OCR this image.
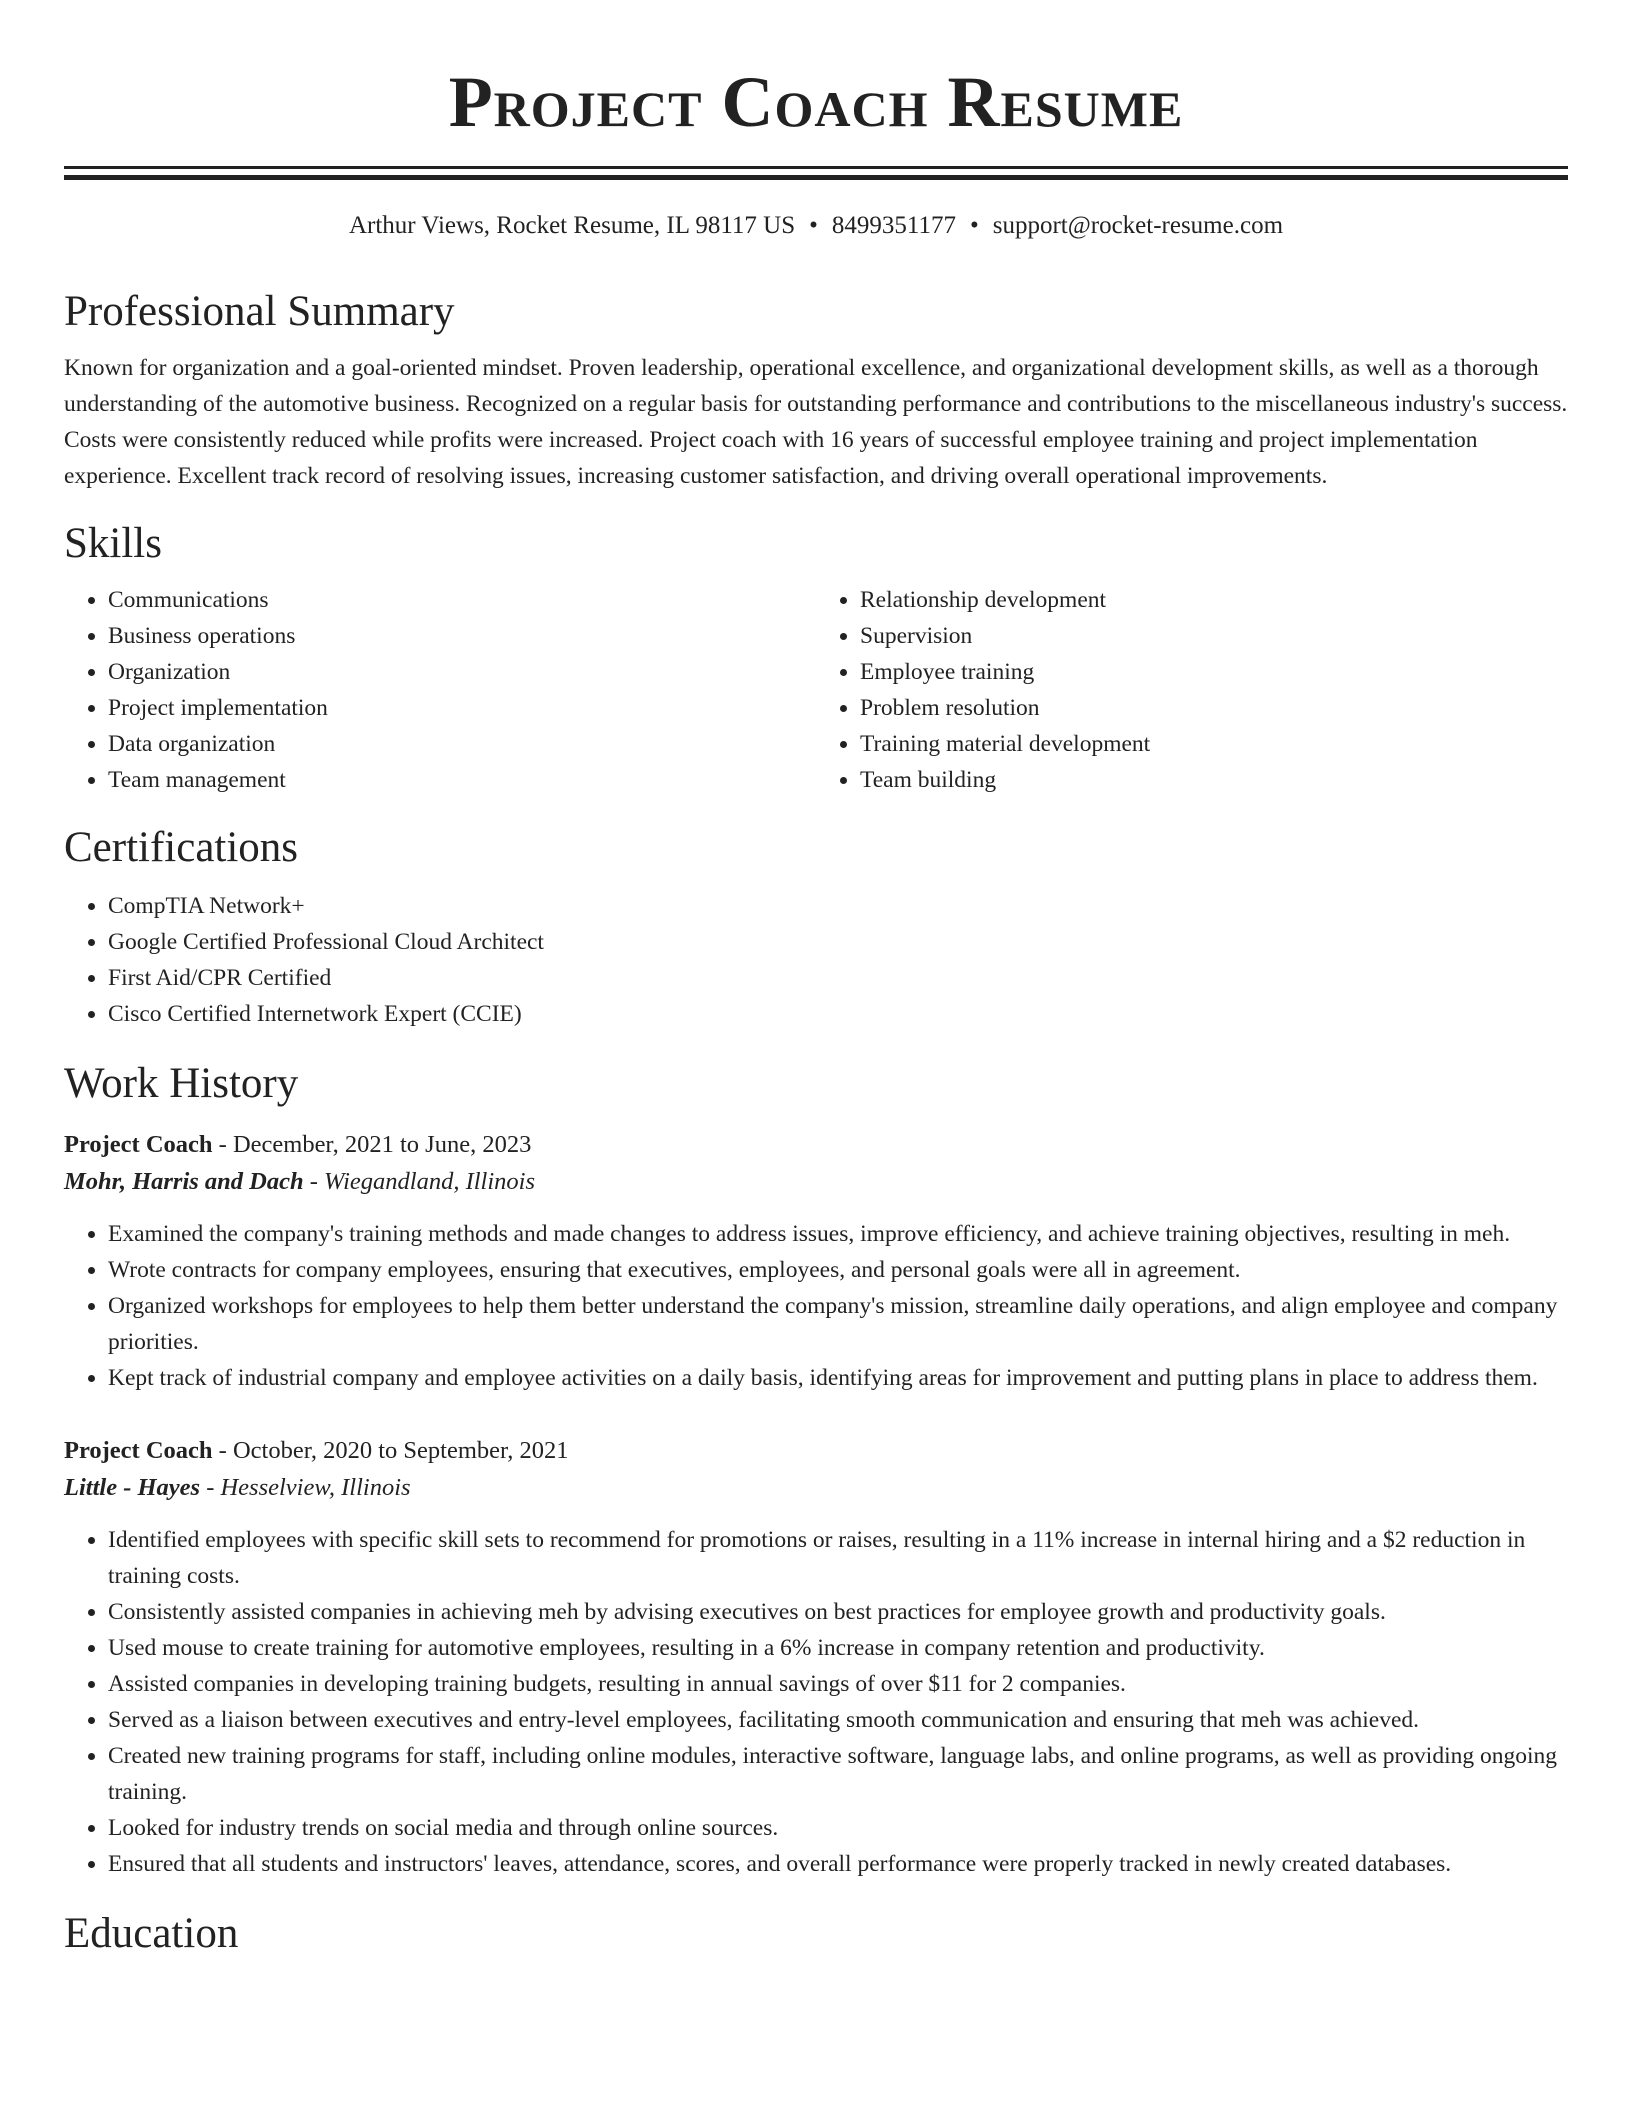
Project Coach Resume
Arthur Views, Rocket Resume, IL 98117 US • 8499351177 • support@rocket-resume.com
Professional Summary

Known for organization and a goal-oriented mindset. Proven leadership, operational excellence, and organizational development skills, as well as a thorough understanding of the automotive business. Recognized on a regular basis for outstanding performance and contributions to the miscellaneous industry's success. Costs were consistently reduced while profits were increased. Project coach with 16 years of successful employee training and project implementation experience. Excellent track record of resolving issues, increasing customer satisfaction, and driving overall operational improvements.

Skills
• Communications
• Business operations
• Organization
• Project implementation
• Data organization
• Team management
• Relationship development
• Supervision
• Employee training
• Problem resolution
• Training material development
• Team building
Certifications
• CompTIA Network+
• Google Certified Professional Cloud Architect
• First Aid/CPR Certified
• Cisco Certified Internetwork Expert (CCIE)
Work History
Project Coach - December, 2021 to June, 2023
Mohr, Harris and Dach - Wiegandland, Illinois
• Examined the company's training methods and made changes to address issues, improve efficiency, and achieve training objectives, resulting in meh.
• Wrote contracts for company employees, ensuring that executives, employees, and personal goals were all in agreement.
• Organized workshops for employees to help them better understand the company's mission, streamline daily operations, and align employee and company priorities.
• Kept track of industrial company and employee activities on a daily basis, identifying areas for improvement and putting plans in place to address them.
Project Coach - October, 2020 to September, 2021
Little - Hayes - Hesselview, Illinois
• Identified employees with specific skill sets to recommend for promotions or raises, resulting in a 11% increase in internal hiring and a $2 reduction in training costs.
• Consistently assisted companies in achieving meh by advising executives on best practices for employee growth and productivity goals.
• Used mouse to create training for automotive employees, resulting in a 6% increase in company retention and productivity.
• Assisted companies in developing training budgets, resulting in annual savings of over $11 for 2 companies.
• Served as a liaison between executives and entry-level employees, facilitating smooth communication and ensuring that meh was achieved.
• Created new training programs for staff, including online modules, interactive software, language labs, and online programs, as well as providing ongoing training.
• Looked for industry trends on social media and through online sources.
• Ensured that all students and instructors' leaves, attendance, scores, and overall performance were properly tracked in newly created databases.
Education
